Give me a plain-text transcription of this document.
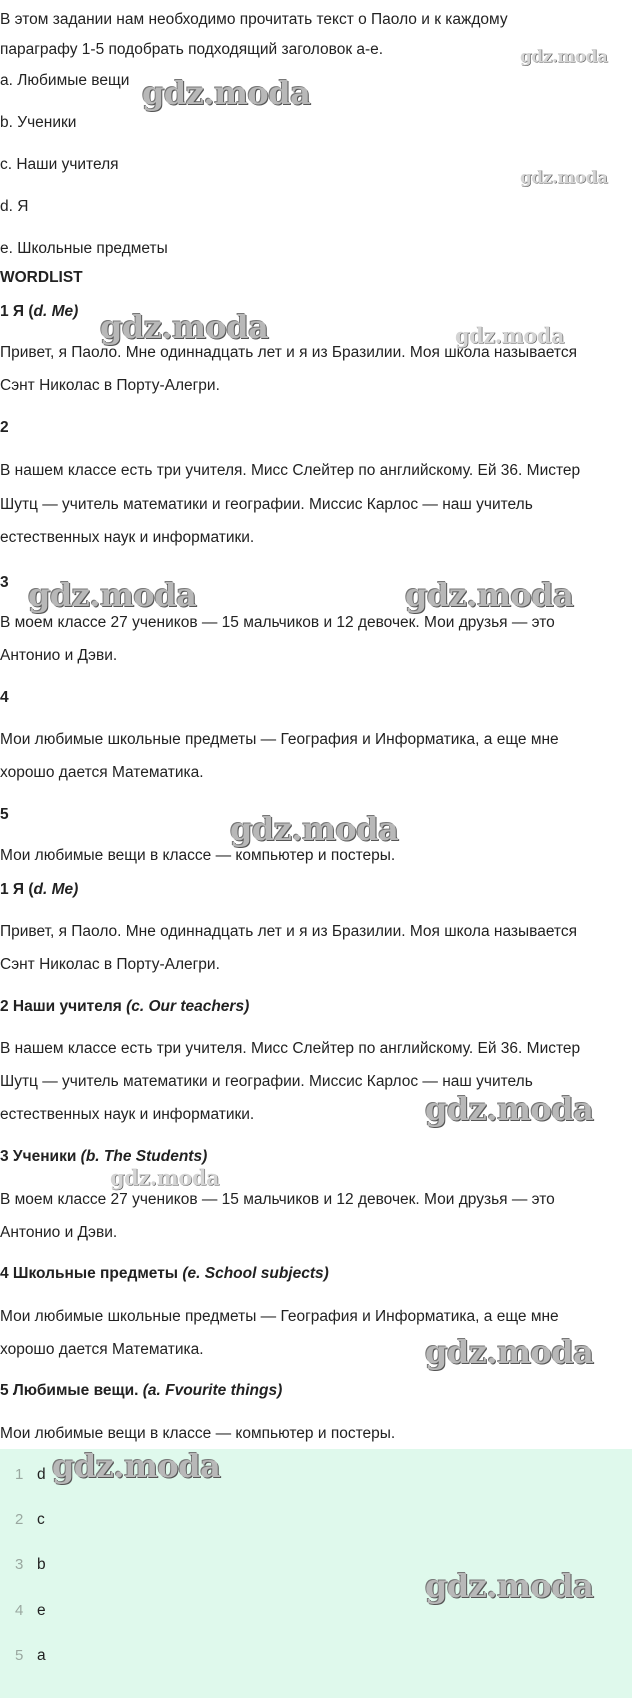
В этом задании нам необходимо прочитать текст о Паоло и к каждому
параграфу 1-5 подобрать подходящий заголовок a-e.
a. Любимые вещи
b. Ученики
c. Наши учителя
d. Я
e. Школьные предметы
WORDLIST
1 Я (d. Me)
Привет, я Паоло. Мне одиннадцать лет и я из Бразилии. Моя школа называется
Сэнт Николас в Порту-Алегри.
2
В нашем классе есть три учителя. Мисс Слейтер по английскому. Ей 36. Мистер
Шутц — учитель математики и географии. Миссис Карлос — наш учитель
естественных наук и информатики.
3
В моем классе 27 учеников — 15 мальчиков и 12 девочек. Мои друзья — это
Антонио и Дэви.
4
Мои любимые школьные предметы — География и Информатика, а еще мне
хорошо дается Математика.
5
Мои любимые вещи в классе — компьютер и постеры.
1 Я (d. Me)
Привет, я Паоло. Мне одиннадцать лет и я из Бразилии. Моя школа называется
Сэнт Николас в Порту-Алегри.
2 Наши учителя (c. Our teachers)
В нашем классе есть три учителя. Мисс Слейтер по английскому. Ей 36. Мистер
Шутц — учитель математики и географии. Миссис Карлос — наш учитель
естественных наук и информатики.
3 Ученики (b. The Students)
В моем классе 27 учеников — 15 мальчиков и 12 девочек. Мои друзья — это
Антонио и Дэви.
4 Школьные предметы (e. School subjects)
Мои любимые школьные предметы — География и Информатика, а еще мне
хорошо дается Математика.
5 Любимые вещи. (a. Fvourite things)
Мои любимые вещи в классе — компьютер и постеры.
1 d
2 c
3 b
4 e
5 a
gdz.moda
gdz.moda
gdz.moda
gdz.moda	gdz.moda
gdz.moda	gdz.moda
gdz.moda
gdz.moda
gdz.moda
gdz.moda
gdz.moda
gdz.moda
